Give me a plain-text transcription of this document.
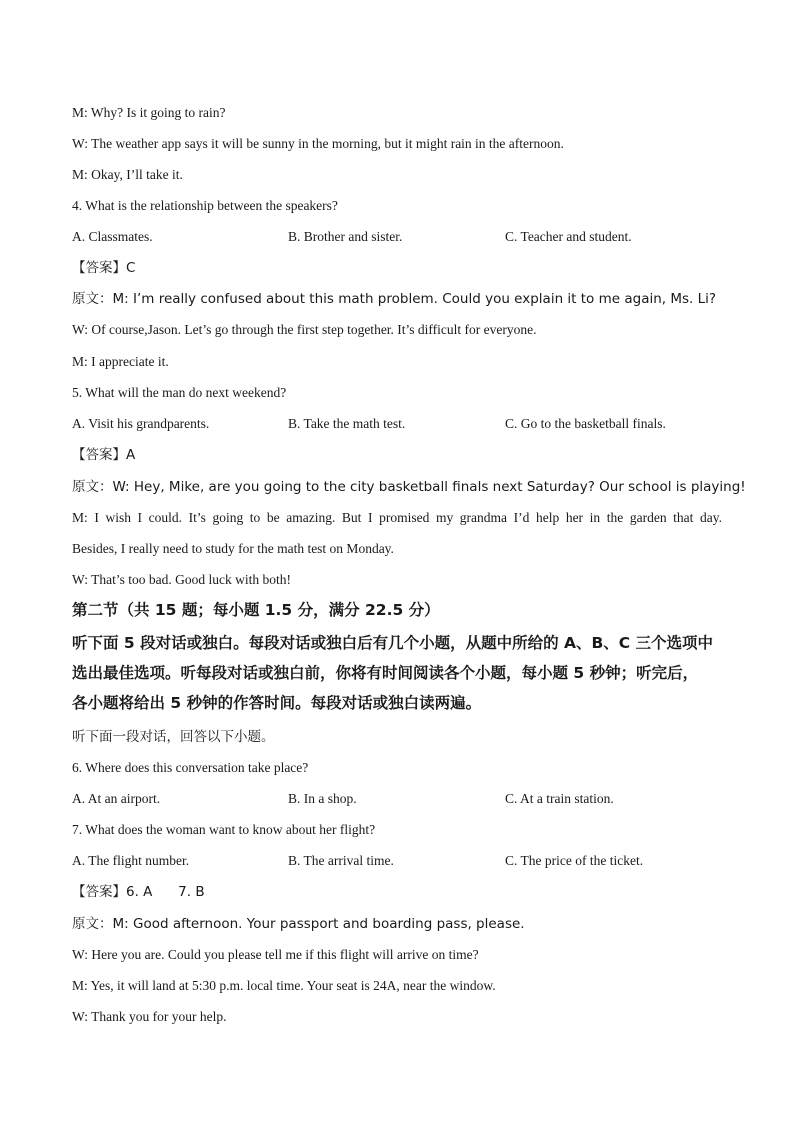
M: Why? Is it going to rain?
W: The weather app says it will be sunny in the morning, but it might rain in the afternoon.
M: Okay, I’ll take it.
4. What is the relationship between the speakers?
A. Classmates.	B. Brother and sister.	C. Teacher and student.
【答案】C
原文：M: I’m really confused about this math problem. Could you explain it to me again, Ms. Li?
W: Of course,Jason. Let’s go through the first step together. It’s difficult for everyone.
M: I appreciate it.
5. What will the man do next weekend?
A. Visit his grandparents.	B. Take the math test.	C. Go to the basketball finals.
【答案】A
原文：W: Hey, Mike, are you going to the city basketball finals next Saturday? Our school is playing!
M: I wish I could. It’s going to be amazing. But I promised my grandma I’d help her in the garden that day.
Besides, I really need to study for the math test on Monday.
W: That’s too bad. Good luck with both!
第二节（共 15 题；每小题 1.5 分，满分 22.5 分）
听下面 5 段对话或独白。每段对话或独白后有几个小题，从题中所给的 A、B、C 三个选项中
选出最佳选项。听每段对话或独白前，你将有时间阅读各个小题，每小题 5 秒钟；听完后，
各小题将给出 5 秒钟的作答时间。每段对话或独白读两遍。
听下面一段对话，回答以下小题。
6. Where does this conversation take place?
A. At an airport.	B. In a shop.	C. At a train station.
7. What does the woman want to know about her flight?
A. The flight number.	B. The arrival time.	C. The price of the ticket.
【答案】6. A      7. B
原文：M: Good afternoon. Your passport and boarding pass, please.
W: Here you are. Could you please tell me if this flight will arrive on time?
M: Yes, it will land at 5:30 p.m. local time. Your seat is 24A, near the window.
W: Thank you for your help.
